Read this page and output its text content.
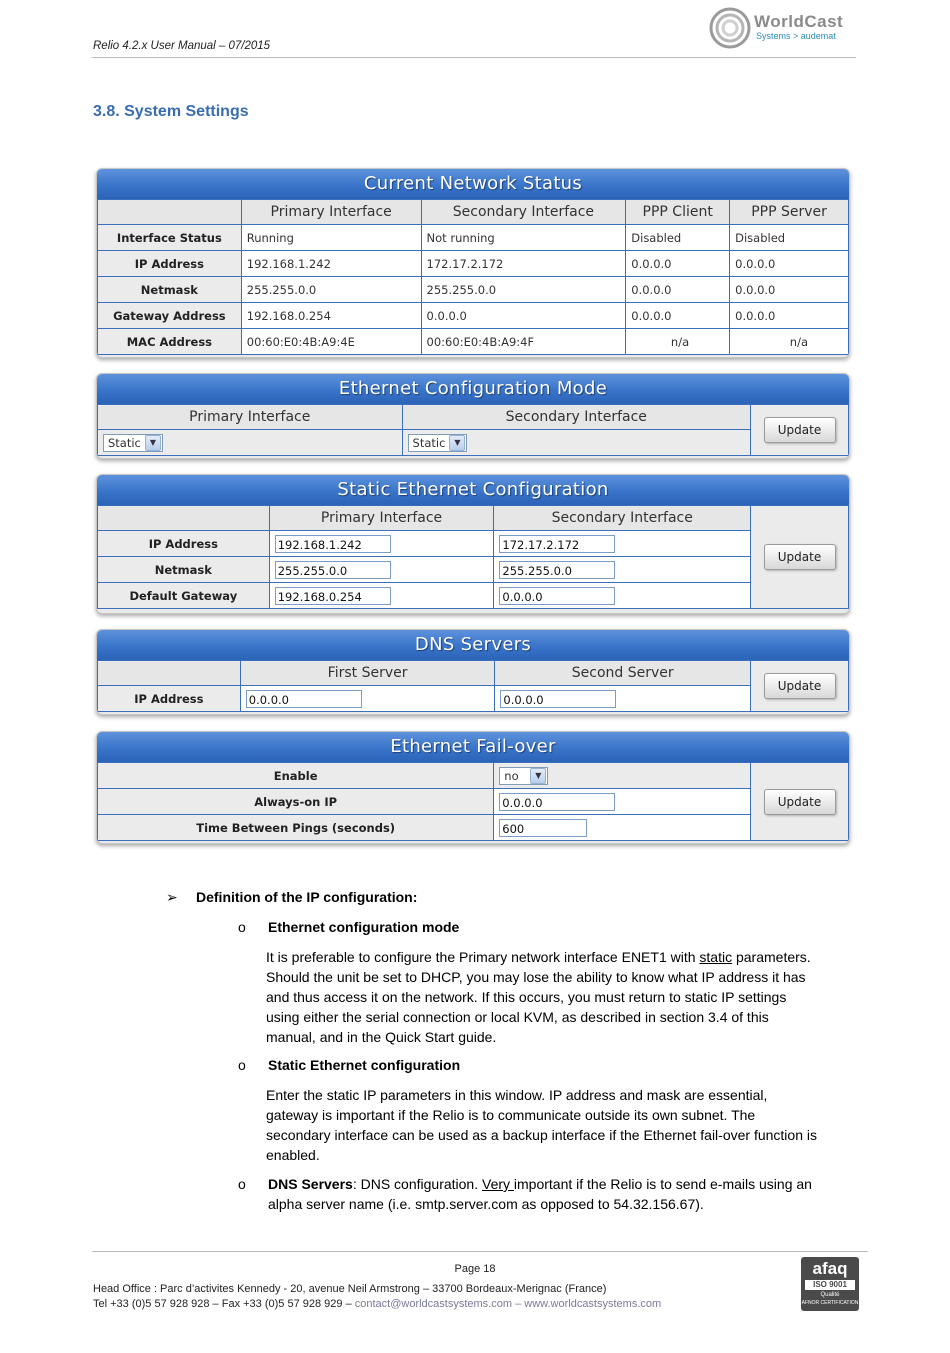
Relio 4.2.x User Manual – 07/2015
WorldCast
Systems > audemat
3.8. System Settings
Current Network Status
	Primary Interface	Secondary Interface	PPP Client	PPP Server
Interface Status	Running	Not running	Disabled	Disabled
IP Address	192.168.1.242	172.17.2.172	0.0.0.0	0.0.0.0
Netmask	255.255.0.0	255.255.0.0	0.0.0.0	0.0.0.0
Gateway Address	192.168.0.254	0.0.0.0	0.0.0.0	0.0.0.0
MAC Address	00:60:E0:4B:A9:4E	00:60:E0:4B:A9:4F	n/a	n/a
Ethernet Configuration Mode
Primary Interface	Secondary Interface	Update

Static ▼	Static ▼	
Static Ethernet Configuration
	Primary Interface	Secondary Interface	Update
IP Address	192.168.1.242	172.17.2.172	
Netmask	255.255.0.0	255.255.0.0	
Default Gateway	192.168.0.254	0.0.0.0	
DNS Servers
	First Server	Second Server	Update
IP Address	0.0.0.0	0.0.0.0	
Ethernet Fail-over
Enable	no ▼	Update
Always-on IP	0.0.0.0	
Time Between Pings (seconds)	600	
➢ Definition of the IP configuration:
o Ethernet configuration mode
It is preferable to configure the Primary network interface ENET1 with static parameters.
Should the unit be set to DHCP, you may lose the ability to know what IP address it has
and thus access it on the network. If this occurs, you must return to static IP settings
using either the serial connection or local KVM, as described in section 3.4 of this
manual, and in the Quick Start guide.
o Static Ethernet configuration
Enter the static IP parameters in this window. IP address and mask are essential,
gateway is important if the Relio is to communicate outside its own subnet. The
secondary interface can be used as a backup interface if the Ethernet fail-over function is
enabled.
o DNS Servers: DNS configuration. Very important if the Relio is to send e-mails using an
alpha server name (i.e. smtp.server.com as opposed to 54.32.156.67).
Page 18
Head Office : Parc d’activites Kennedy - 20, avenue Neil Armstrong – 33700 Bordeaux-Merignac (France)
Tel +33 (0)5 57 928 928 – Fax +33 (0)5 57 928 929 – contact@worldcastsystems.com – www.worldcastsystems.com
afaq
ISO 9001
Qualité
AFNOR CERTIFICATION
